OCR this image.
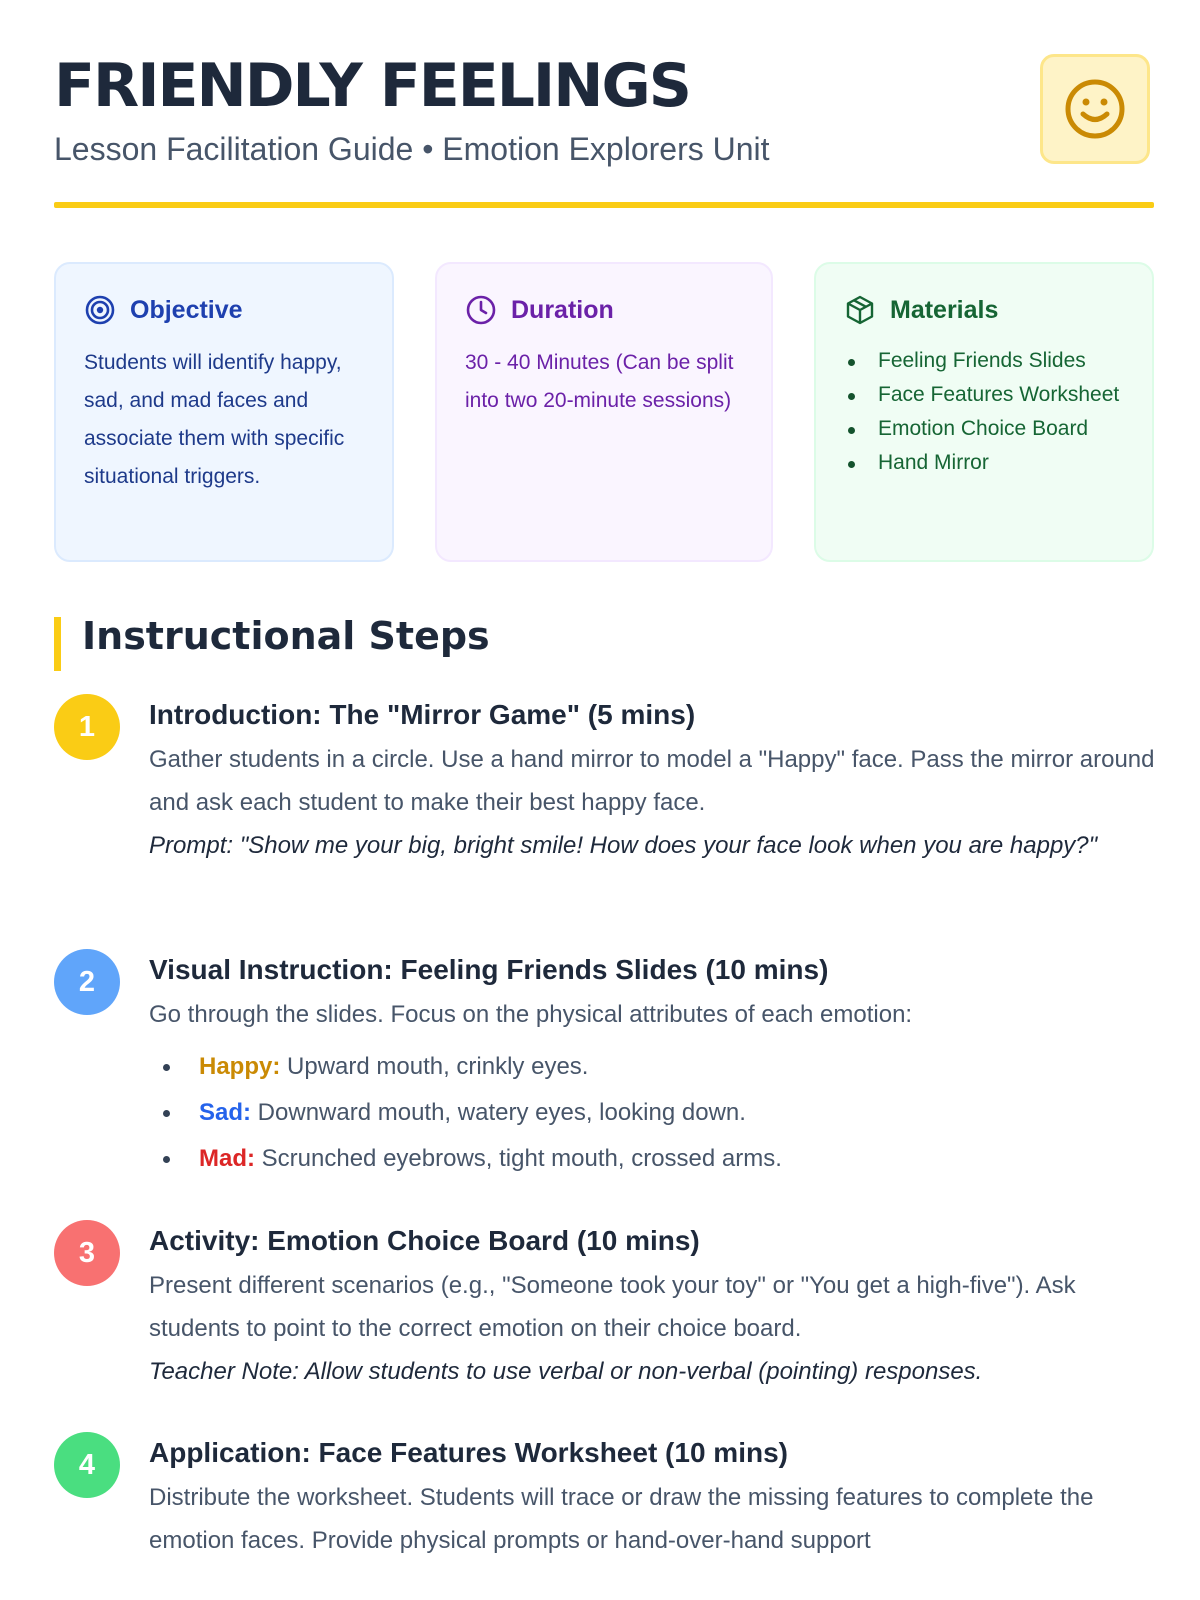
FRIENDLY FEELINGS
Lesson Facilitation Guide • Emotion Explorers Unit
Objective
Students will identify happy, sad, and mad faces and associate them with specific situational triggers.
Duration
30 - 40 Minutes (Can be split into two 20-minute sessions)
Materials
Feeling Friends Slides
Face Features Worksheet
Emotion Choice Board
Hand Mirror
Instructional Steps
1	Introduction: The "Mirror Game" (5 mins)
Gather students in a circle. Use a hand mirror to model a "Happy" face. Pass the mirror around and ask each student to make their best happy face.
Prompt: "Show me your big, bright smile! How does your face look when you are happy?"
2	Visual Instruction: Feeling Friends Slides (10 mins)
Go through the slides. Focus on the physical attributes of each emotion:
Happy: Upward mouth, crinkly eyes.
Sad: Downward mouth, watery eyes, looking down.
Mad: Scrunched eyebrows, tight mouth, crossed arms.
3	Activity: Emotion Choice Board (10 mins)
Present different scenarios (e.g., "Someone took your toy" or "You get a high-five"). Ask students to point to the correct emotion on their choice board.
Teacher Note: Allow students to use verbal or non-verbal (pointing) responses.
4	Application: Face Features Worksheet (10 mins)
Distribute the worksheet. Students will trace or draw the missing features to complete the emotion faces. Provide physical prompts or hand-over-hand support
